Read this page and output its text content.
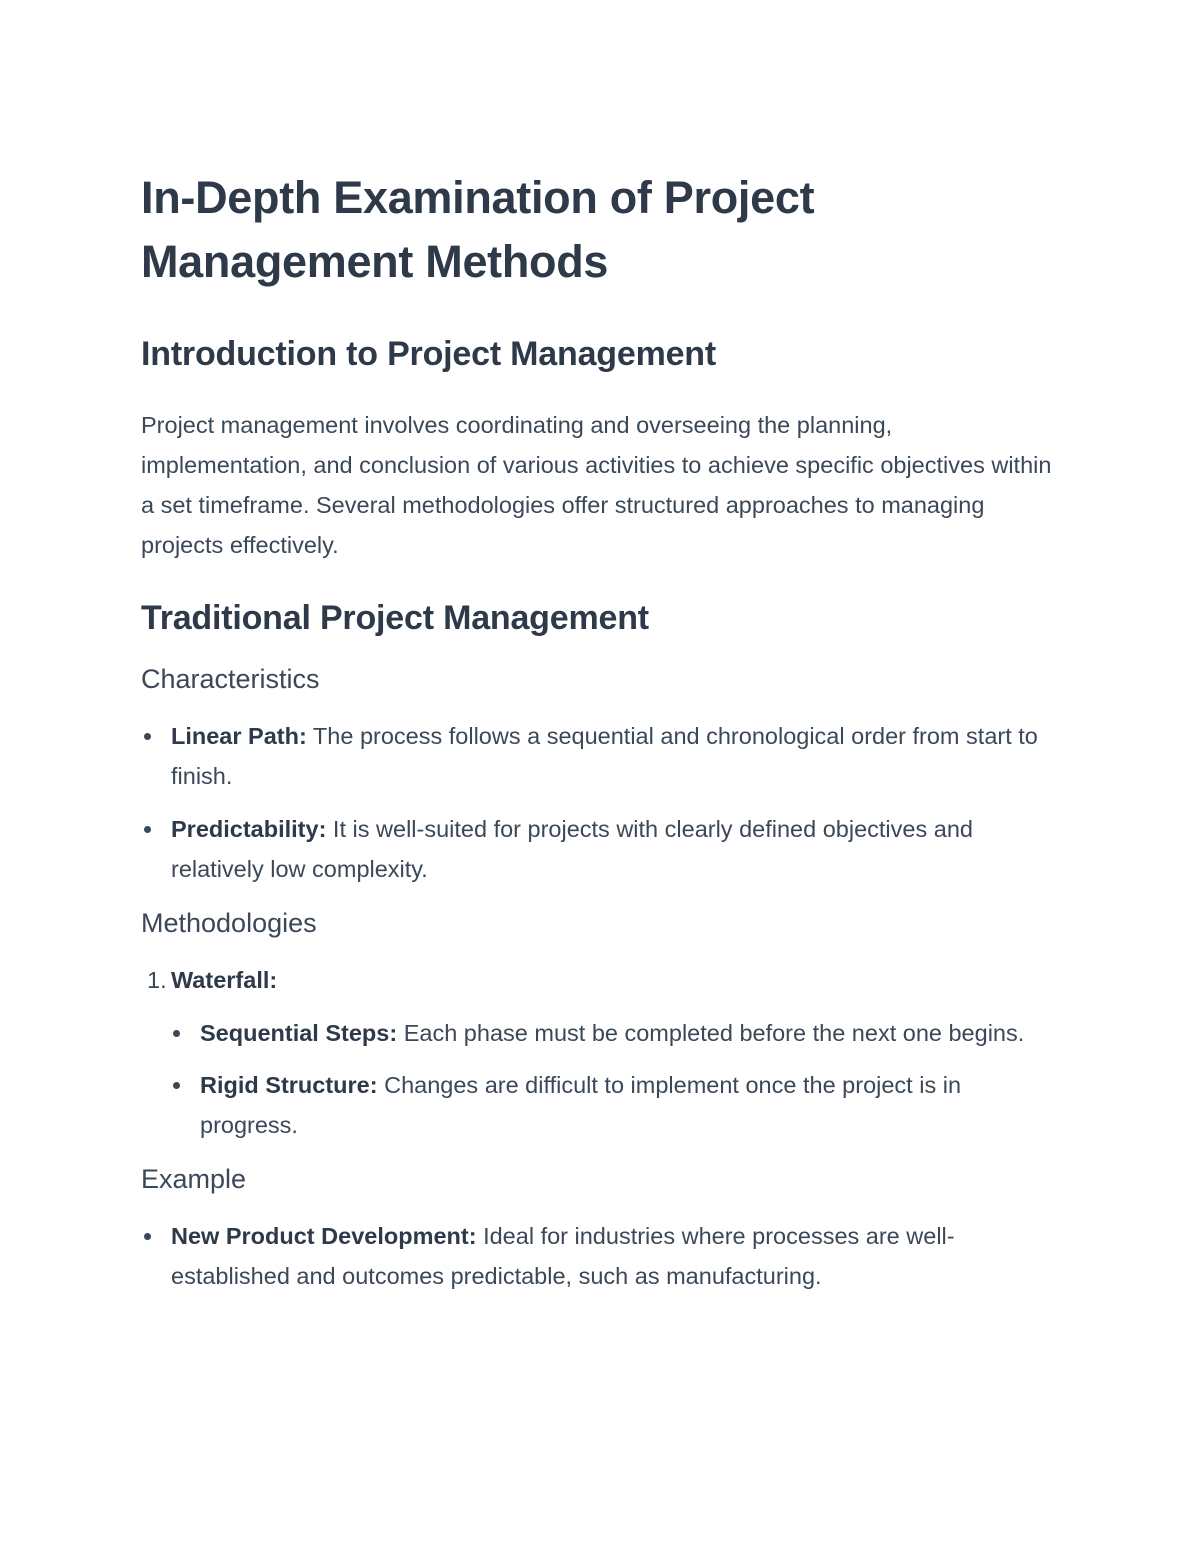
In-Depth Examination of Project Management Methods
Introduction to Project Management

Project management involves coordinating and overseeing the planning, implementation, and conclusion of various activities to achieve specific objectives within a set timeframe. Several methodologies offer structured approaches to managing projects effectively.

Traditional Project Management
Characteristics
Linear Path: The process follows a sequential and chronological order from start to finish.
Predictability: It is well-suited for projects with clearly defined objectives and relatively low complexity.
Methodologies
1. Waterfall:
Sequential Steps: Each phase must be completed before the next one begins.
Rigid Structure: Changes are difficult to implement once the project is in progress.
Example
New Product Development: Ideal for industries where processes are well-established and outcomes predictable, such as manufacturing.
